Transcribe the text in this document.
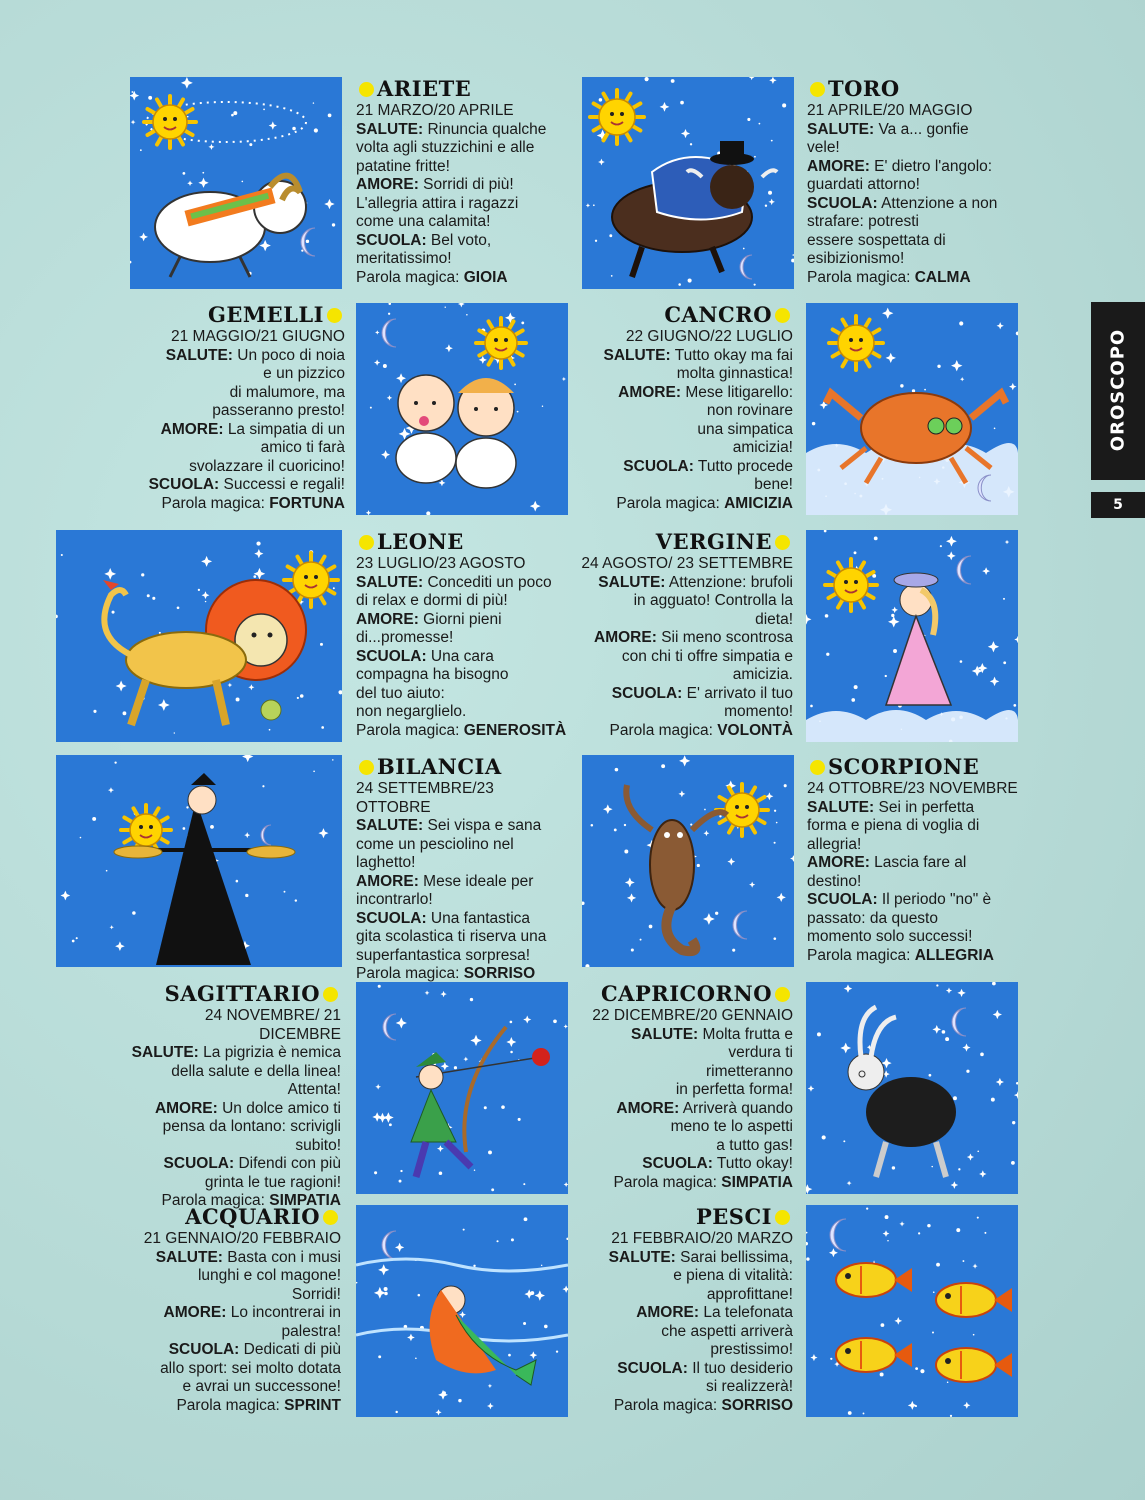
OROSCOPO
5
ARIETE
21 MARZO/20 APRILE
SALUTE: Rinuncia qualche
volta agli stuzzichini e alle
patatine fritte!
AMORE: Sorridi di più!
L'allegria attira i ragazzi
come una calamita!
SCUOLA: Bel voto,
meritatissimo!
Parola magica: GIOIA
TORO
21 APRILE/20 MAGGIO
SALUTE: Va a... gonfie
vele!
AMORE: E' dietro l'angolo:
guardati attorno!
SCUOLA: Attenzione a non
strafare: potresti
essere sospettata di
esibizionismo!
Parola magica: CALMA
GEMELLI
21 MAGGIO/21 GIUGNO
SALUTE: Un poco di noia
e un pizzico
di malumore, ma
passeranno presto!
AMORE: La simpatia di un
amico ti farà
svolazzare il cuoricino!
SCUOLA: Successi e regali!
Parola magica: FORTUNA
CANCRO
22 GIUGNO/22 LUGLIO
SALUTE: Tutto okay ma fai
molta ginnastica!
AMORE: Mese litigarello:
non rovinare
una simpatica
amicizia!
SCUOLA: Tutto procede
bene!
Parola magica: AMICIZIA
LEONE
23 LUGLIO/23 AGOSTO
SALUTE: Concediti un poco
di relax e dormi di più!
AMORE: Giorni pieni
di...promesse!
SCUOLA: Una cara
compagna ha bisogno
del tuo aiuto:
non negarglielo.
Parola magica: GENEROSITÀ
VERGINE
24 AGOSTO/ 23 SETTEMBRE
SALUTE: Attenzione: brufoli
in agguato! Controlla la
dieta!
AMORE: Sii meno scontrosa
con chi ti offre simpatia e
amicizia.
SCUOLA: E' arrivato il tuo
momento!
Parola magica: VOLONTÀ
BILANCIA
24 SETTEMBRE/23 OTTOBRE
SALUTE: Sei vispa e sana
come un pesciolino nel
laghetto!
AMORE: Mese ideale per
incontrarlo!
SCUOLA: Una fantastica
gita scolastica ti riserva una
superfantastica sorpresa!
Parola magica: SORRISO
SCORPIONE
24 OTTOBRE/23 NOVEMBRE
SALUTE: Sei in perfetta
forma e piena di voglia di
allegria!
AMORE: Lascia fare al
destino!
SCUOLA: Il periodo "no" è
passato: da questo
momento solo successi!
Parola magica: ALLEGRIA
SAGITTARIO
24 NOVEMBRE/ 21 DICEMBRE
SALUTE: La pigrizia è nemica
della salute e della linea!
Attenta!
AMORE: Un dolce amico ti
pensa da lontano: scrivigli
subito!
SCUOLA: Difendi con più
grinta le tue ragioni!
Parola magica: SIMPATIA
CAPRICORNO
22 DICEMBRE/20 GENNAIO
SALUTE: Molta frutta e
verdura ti
rimetteranno
in perfetta forma!
AMORE: Arriverà quando
meno te lo aspetti
a tutto gas!
SCUOLA: Tutto okay!
Parola magica: SIMPATIA
ACQUARIO
21 GENNAIO/20 FEBBRAIO
SALUTE: Basta con i musi
lunghi e col magone!
Sorridi!
AMORE: Lo incontrerai in
palestra!
SCUOLA: Dedicati di più
allo sport: sei molto dotata
e avrai un successone!
Parola magica: SPRINT
PESCI
21 FEBBRAIO/20 MARZO
SALUTE: Sarai bellissima,
e piena di vitalità:
approfittane!
AMORE: La telefonata
che aspetti arriverà
prestissimo!
SCUOLA: Il tuo desiderio
si realizzerà!
Parola magica: SORRISO
